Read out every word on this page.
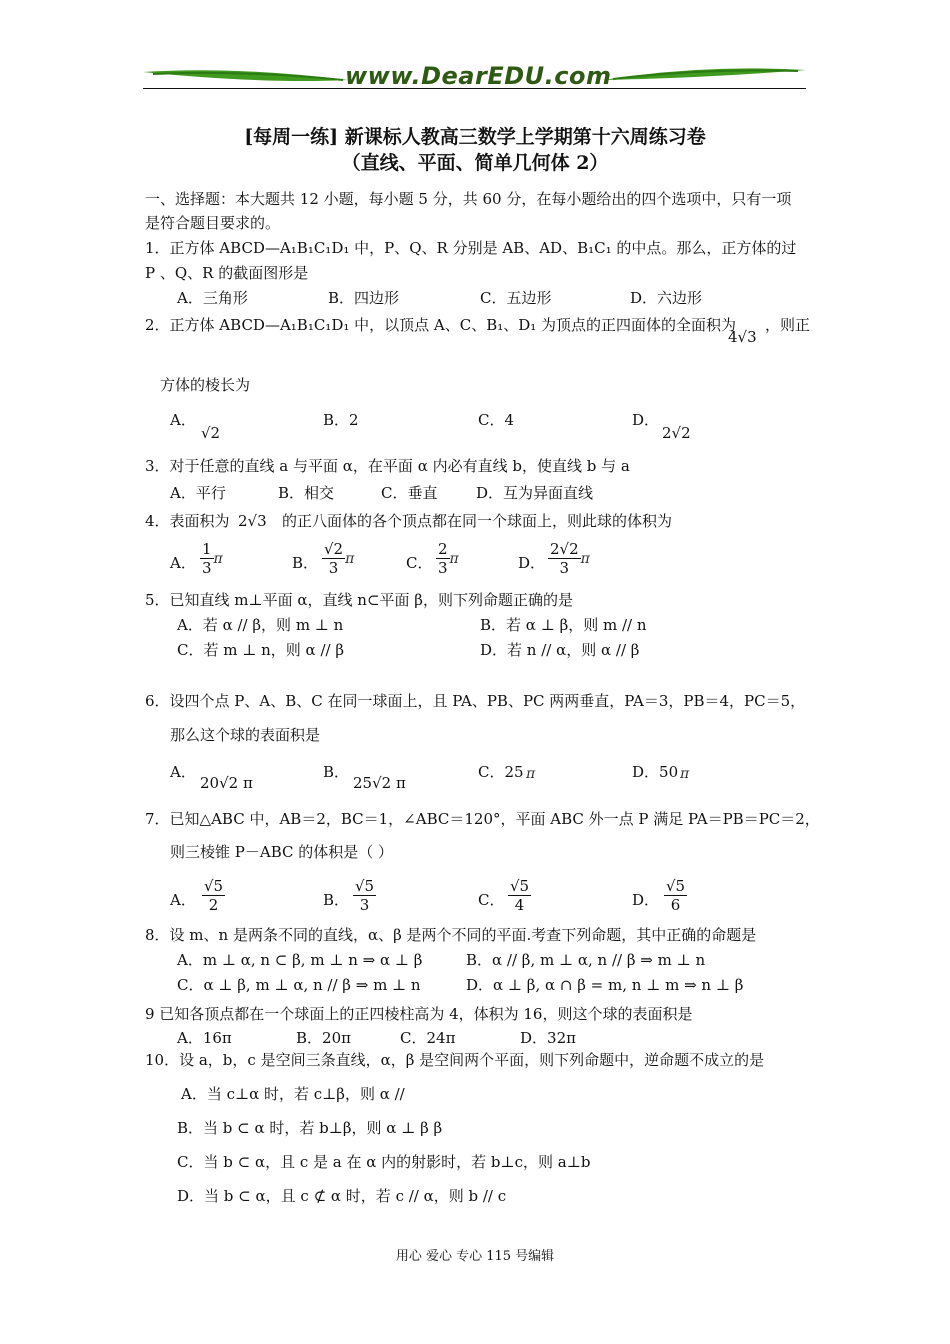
www.DearEDU.com
[每周一练] 新课标人教高三数学上学期第十六周练习卷
（直线、平面、简单几何体 2）
一、选择题：本大题共 12 小题，每小题 5 分，共 60 分，在每小题给出的四个选项中，只有一项
是符合题目要求的。
1．正方体 ABCD—A₁B₁C₁D₁ 中，P、Q、R 分别是 AB、AD、B₁C₁ 的中点。那么，正方体的过
P 、Q、R 的截面图形是
A．三角形	B．四边形	C．五边形	D．六边形
2．正方体 ABCD—A₁B₁C₁D₁ 中，以顶点 A、C、B₁、D₁ 为顶点的正四面体的全面积为
4√3
，则正
方体的棱长为
A．
√2
B．2	C．4	D．
2√2
3．对于任意的直线 a 与平面 α，在平面 α 内必有直线 b，使直线 b 与 a
A．平行	B．相交	C．垂直	D．互为异面直线
4．表面积为 2√3 的正八面体的各个顶点都在同一个球面上，则此球的体积为
A． $\frac{1}{3}$ π	B． $\frac{√2}{3}$ π	C． $\frac{2}{3}$ π	D． $\frac{2√2}{3}$ π
5．已知直线 m⊥平面 α，直线 n⊂平面 β，则下列命题正确的是
A．若 α // β，则 m ⊥ n	B．若 α ⊥ β，则 m // n
C．若 m ⊥ n，则 α // β	D．若 n // α，则 α // β
6．设四个点 P、A、B、C 在同一球面上，且 PA、PB、PC 两两垂直，PA＝3，PB＝4，PC＝5，
那么这个球的表面积是
A．
20√2 π
B．
25√2 π
C．25 π	D．50 π
7．已知△ABC 中，AB＝2，BC＝1，∠ABC＝120°，平面 ABC 外一点 P 满足 PA＝PB＝PC＝2，
则三棱锥 P－ABC 的体积是（ ）
A． $\frac{√5}{2}$	B． $\frac{√5}{3}$	C． $\frac{√5}{4}$	D． $\frac{√5}{6}$
8．设 m、n 是两条不同的直线，α、β 是两个不同的平面.考查下列命题，其中正确的命题是
A．m ⊥ α, n ⊂ β, m ⊥ n ⇒ α ⊥ β	B．α // β, m ⊥ α, n // β ⇒ m ⊥ n
C．α ⊥ β, m ⊥ α, n // β ⇒ m ⊥ n	D．α ⊥ β, α ∩ β = m, n ⊥ m ⇒ n ⊥ β
9 已知各顶点都在一个球面上的正四棱柱高为 4，体积为 16，则这个球的表面积是
A．16π	B．20π	C．24π	D．32π
10．设 a，b，c 是空间三条直线，α，β 是空间两个平面，则下列命题中，逆命题不成立的是
A．当 c⊥α 时，若 c⊥β，则 α //
B．当 b ⊂ α 时，若 b⊥β，则 α ⊥ β β
C．当 b ⊂ α，且 c 是 a 在 α 内的射影时，若 b⊥c，则 a⊥b
D．当 b ⊂ α，且 c ⊄ α 时，若 c // α，则 b // c
用心 爱心 专心 115 号编辑
